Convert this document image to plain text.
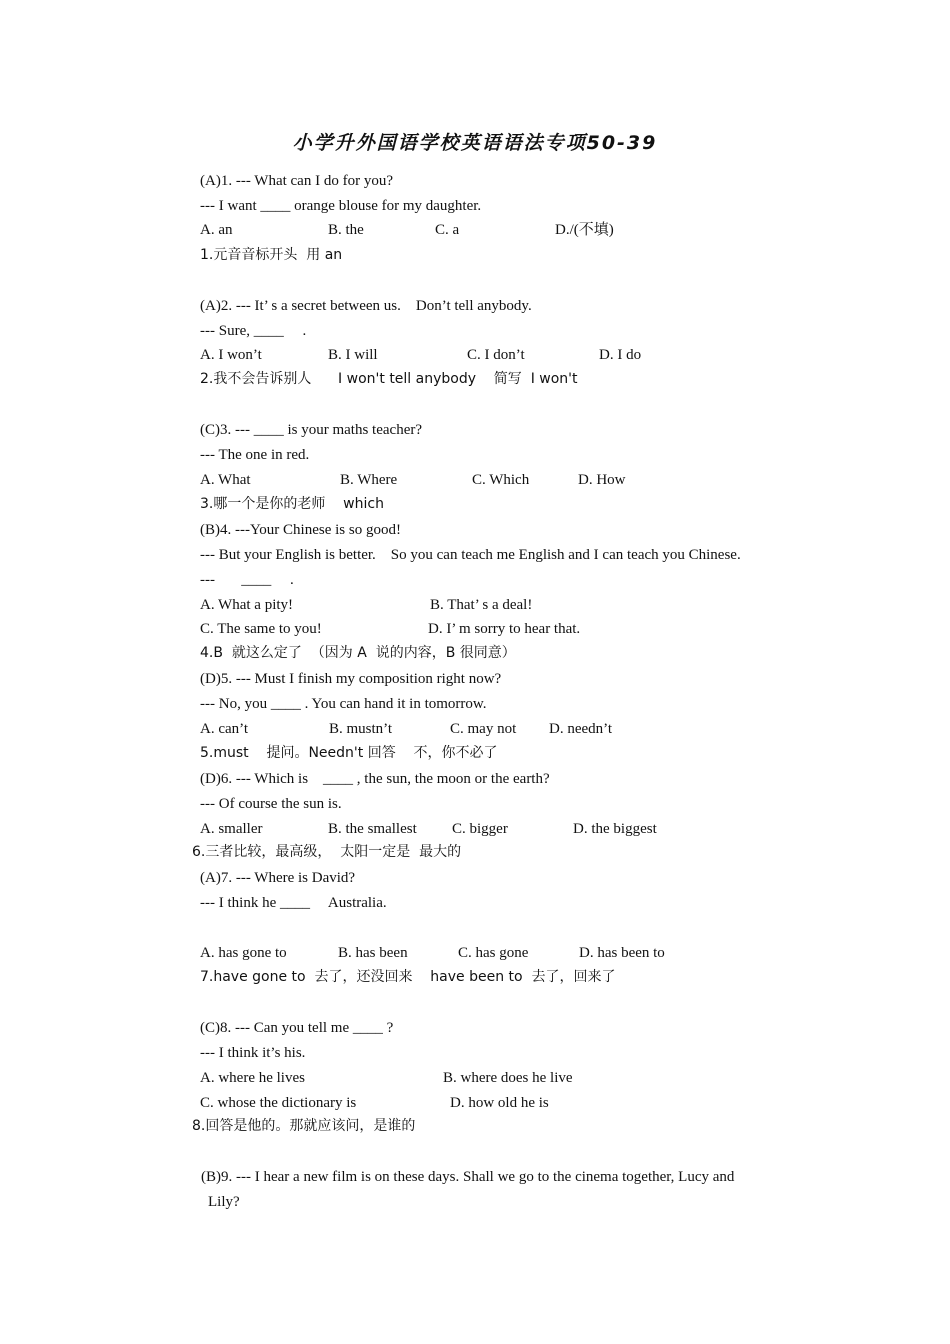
小学升外国语学校英语语法专项50-39
(A)1. --- What can I do for you?
--- I want ____ orange blouse for my daughter.
A. an	B. the	C. a	D./(不填)
1.元音音标开头  用 an
(A)2. --- It’ s a secret between us.    Don’t tell anybody.
--- Sure, ____     .
A. I won’t	B. I will	C. I don’t	D. I do
2.我不会告诉别人      I won't tell anybody    简写  I won't
(C)3. --- ____ is your maths teacher?
--- The one in red.
A. What	B. Where	C. Which	D. How
3.哪一个是你的老师    which
(B)4. ---Your Chinese is so good!
--- But your English is better.    So you can teach me English and I can teach you Chinese.
---       ____     .
A. What a pity!	B. That’ s a deal!
C. The same to you!	D. I’ m sorry to hear that.
4.B  就这么定了  （因为 A  说的内容，B 很同意）
(D)5. --- Must I finish my composition right now?
--- No, you ____ . You can hand it in tomorrow.
A. can’t	B. mustn’t	C. may not D. needn’t
5.must    提问。Needn't 回答    不，你不必了
(D)6. --- Which is    ____ , the sun, the moon or the earth?
--- Of course the sun is.
A. smaller	B. the smallest C. bigger	D. the biggest
6.三者比较，最高级，  太阳一定是  最大的
(A)7. --- Where is David?
--- I think he ____     Australia.
A. has gone to	B. has been	C. has gone	D. has been to
7.have gone to  去了，还没回来    have been to  去了，回来了
(C)8. --- Can you tell me ____ ?
--- I think it’s his.
A. where he lives	B. where does he live
C. whose the dictionary is	D. how old he is
8.回答是他的。那就应该问，是谁的
(B)9. --- I hear a new film is on these days. Shall we go to the cinema together, Lucy and
Lily?
